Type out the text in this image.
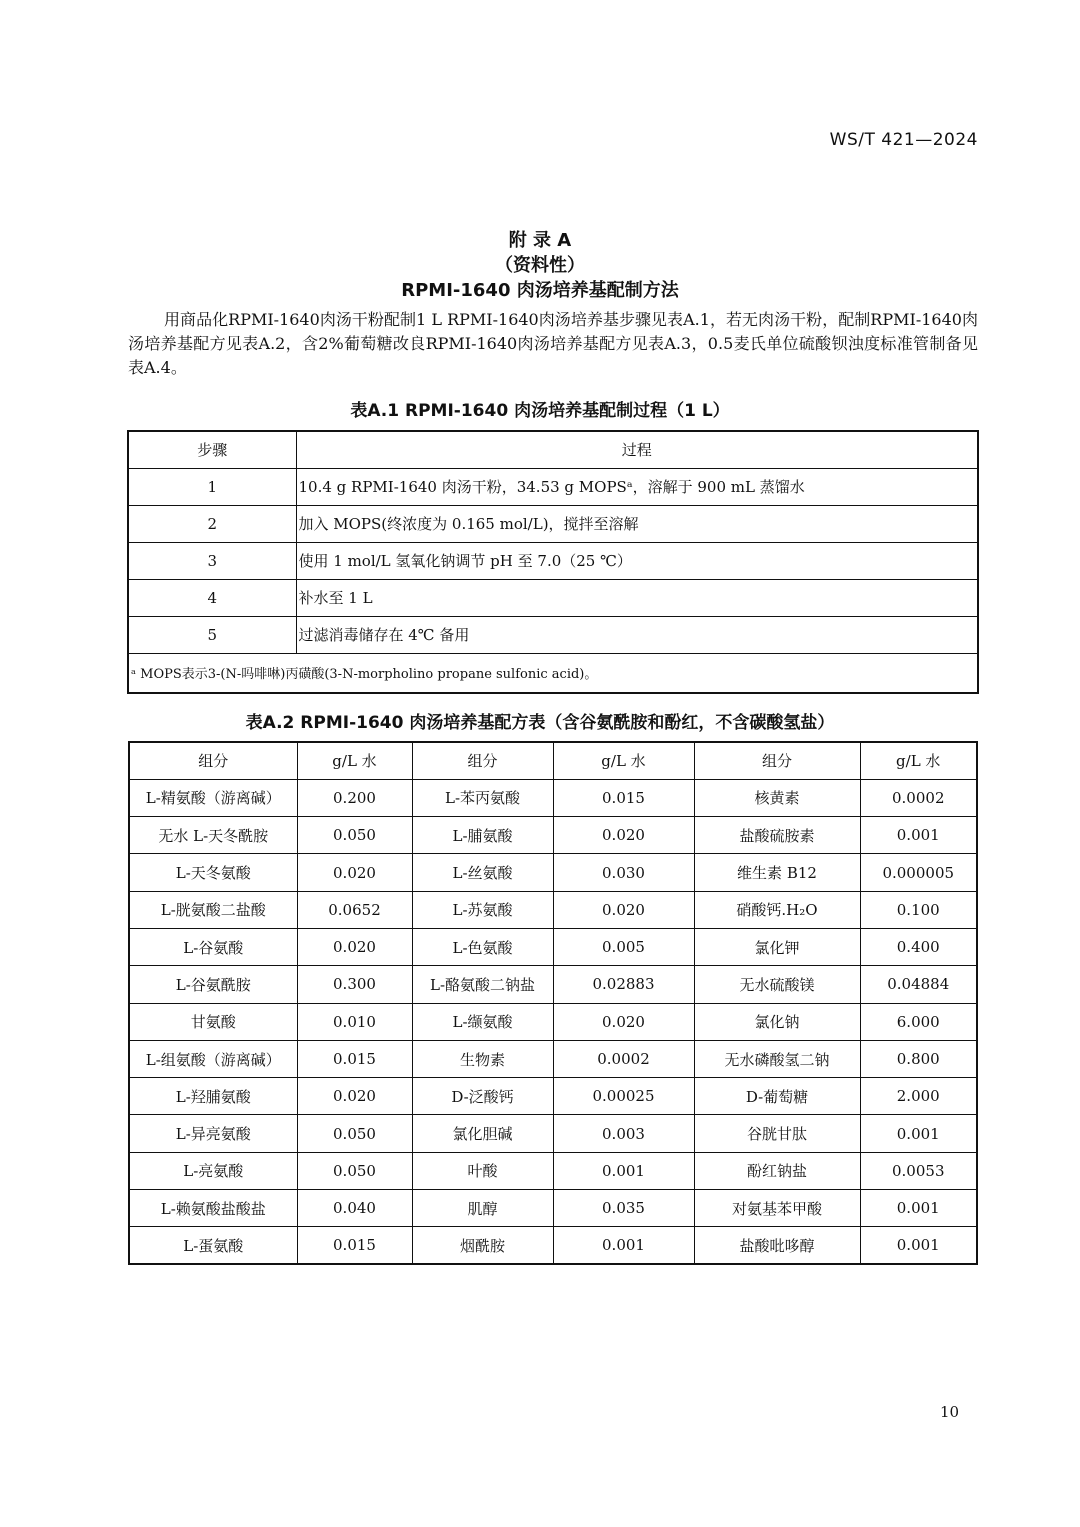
WS/T 421—2024
附 录 A
（资料性）
RPMI-1640 肉汤培养基配制方法
用商品化RPMI-1640肉汤干粉配制1 L RPMI-1640肉汤培养基步骤见表A.1，若无肉汤干粉，配制RPMI-1640肉汤培养基配方见表A.2，含2%葡萄糖改良RPMI-1640肉汤培养基配方见表A.3，0.5麦氏单位硫酸钡浊度标准管制备见表A.4。
表A.1 RPMI-1640 肉汤培养基配制过程（1 L）
步骤	过程
1	10.4 g RPMI-1640 肉汤干粉，34.53 g MOPSᵃ，溶解于 900 mL 蒸馏水
2	加入 MOPS(终浓度为 0.165 mol/L)，搅拌至溶解
3	使用 1 mol/L 氢氧化钠调节 pH 至 7.0（25 ℃）
4	补水至 1 L
5	过滤消毒储存在 4℃ 备用
ᵃ MOPS表示3-(N-吗啡啉)丙磺酸(3-N-morpholino propane sulfonic acid)。	
表A.2 RPMI-1640 肉汤培养基配方表（含谷氨酰胺和酚红，不含碳酸氢盐）
组分	g/L 水	组分	g/L 水	组分	g/L 水
L-精氨酸（游离碱）	0.200	L-苯丙氨酸	0.015	核黄素	0.0002
无水 L-天冬酰胺	0.050	L-脯氨酸	0.020	盐酸硫胺素	0.001
L-天冬氨酸	0.020	L-丝氨酸	0.030	维生素 B12	0.000005
L-胱氨酸二盐酸	0.0652	L-苏氨酸	0.020	硝酸钙.H₂O	0.100
L-谷氨酸	0.020	L-色氨酸	0.005	氯化钾	0.400
L-谷氨酰胺	0.300	L-酪氨酸二钠盐	0.02883	无水硫酸镁	0.04884
甘氨酸	0.010	L-缬氨酸	0.020	氯化钠	6.000
L-组氨酸（游离碱）	0.015	生物素	0.0002	无水磷酸氢二钠	0.800
L-羟脯氨酸	0.020	D-泛酸钙	0.00025	D-葡萄糖	2.000
L-异亮氨酸	0.050	氯化胆碱	0.003	谷胱甘肽	0.001
L-亮氨酸	0.050	叶酸	0.001	酚红钠盐	0.0053
L-赖氨酸盐酸盐	0.040	肌醇	0.035	对氨基苯甲酸	0.001
L-蛋氨酸	0.015	烟酰胺	0.001	盐酸吡哆醇	0.001
10
